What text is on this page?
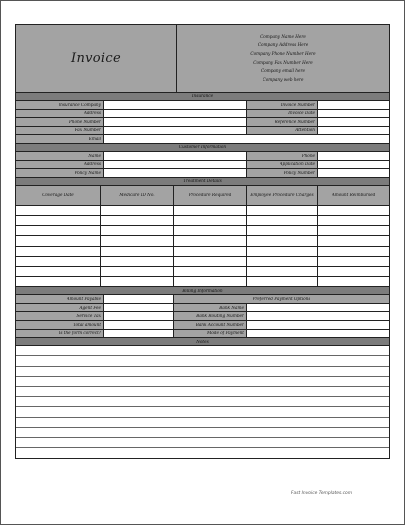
Invoice
Company Name Here
Company Address Here
Company Phone Number Here
Company Fax Number Here
Company email here
Company web here
Insurance
Insurance Company	Invoice Number
Address	Invoice Date
Phone Number	Reference Number
Fax Number	Attention
Email
Customer Information
Name	Phone
Address	Application Date
Policy Name	Policy Number
Treatment Details
Coverage Date	Medicare ID No.	Procedure Required	Employee Procedure Charges	Amount Reimbursed
Billing Information
Amount Payable	Preferred Payment Options
Agent Fee	Bank Name
Service Tax	Bank Routing Number
Total amount	Bank Account Number
Is the form correct?	Mode of Payment
Notes
Fast Invoice Templates.com
